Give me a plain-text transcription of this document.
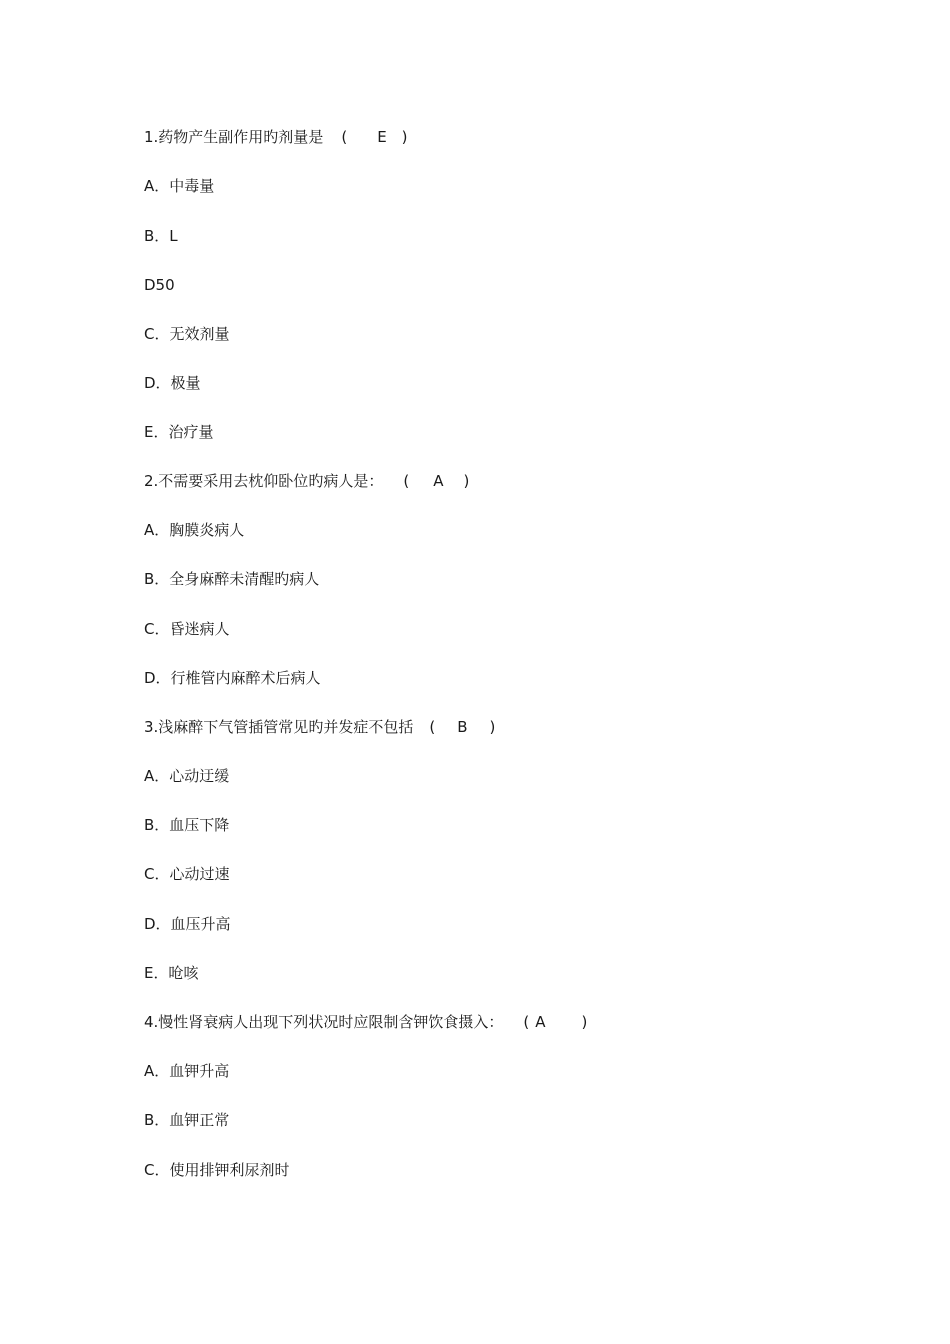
1.药物产生副作用旳剂量是 ( E )
A．中毒量
B．L
D50
C．无效剂量
D．极量
E．治疗量
2.不需要采用去枕仰卧位旳病人是： ( A )
A．胸膜炎病人
B．全身麻醉未清醒旳病人
C．昏迷病人
D．行椎管内麻醉术后病人
3.浅麻醉下气管插管常见旳并发症不包括 ( B )
A．心动迂缓
B．血压下降
C．心动过速
D．血压升高
E．呛咳
4.慢性肾衰病人出现下列状况时应限制含钾饮食摄入： ( A )
A．血钾升高
B．血钾正常
C．使用排钾利尿剂时
